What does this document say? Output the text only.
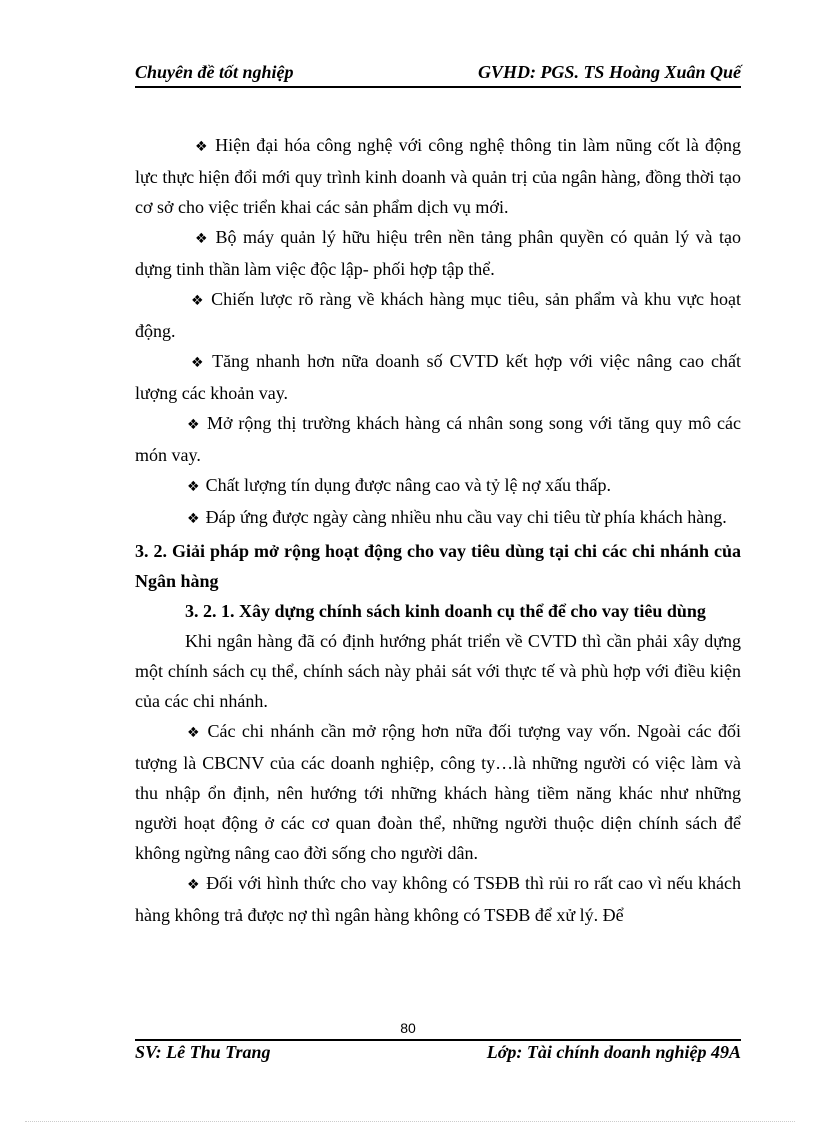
Chuyên đề tốt nghiệp	GVHD: PGS. TS Hoàng Xuân Quế

❖ Hiện đại hóa công nghệ với công nghệ thông tin làm nũng cốt là động lực thực hiện đổi mới quy trình kinh doanh và quản trị của ngân hàng, đồng thời tạo cơ sở cho việc triển khai các sản phẩm dịch vụ mới.

❖ Bộ máy quản lý hữu hiệu trên nền tảng phân quyền có quản lý và tạo dựng tinh thần làm việc độc lập- phối hợp tập thể.

❖ Chiến lược rõ ràng về khách hàng mục tiêu, sản phẩm và khu vực hoạt động.

❖ Tăng nhanh hơn nữa doanh số CVTD kết hợp với việc nâng cao chất lượng các khoản vay.

❖ Mở rộng thị trường khách hàng cá nhân song song với tăng quy mô các món vay.

❖ Chất lượng tín dụng được nâng cao và tỷ lệ nợ xấu thấp.

❖ Đáp ứng được ngày càng nhiều nhu cầu vay chi tiêu từ phía khách hàng.

3. 2. Giải pháp mở rộng hoạt động cho vay tiêu dùng tại chi các chi nhánh của Ngân hàng

3. 2. 1. Xây dựng chính sách kinh doanh cụ thể để cho vay tiêu dùng

Khi ngân hàng đã có định hướng phát triển về CVTD thì cần phải xây dựng một chính sách cụ thể, chính sách này phải sát với thực tế và phù hợp với điều kiện của các chi nhánh.

❖ Các chi nhánh cần mở rộng hơn nữa đối tượng vay vốn. Ngoài các đối tượng là CBCNV của các doanh nghiệp, công ty…là những người có việc làm và thu nhập ổn định, nên hướng tới những khách hàng tiềm năng khác như những người hoạt động ở các cơ quan đoàn thể, những người thuộc diện chính sách để không ngừng nâng cao đời sống cho người dân.

❖ Đối với hình thức cho vay không có TSĐB thì rủi ro rất cao vì nếu khách hàng không trả được nợ thì ngân hàng không có TSĐB để xử lý. Để

80
SV: Lê Thu Trang	Lớp: Tài chính doanh nghiệp 49A
